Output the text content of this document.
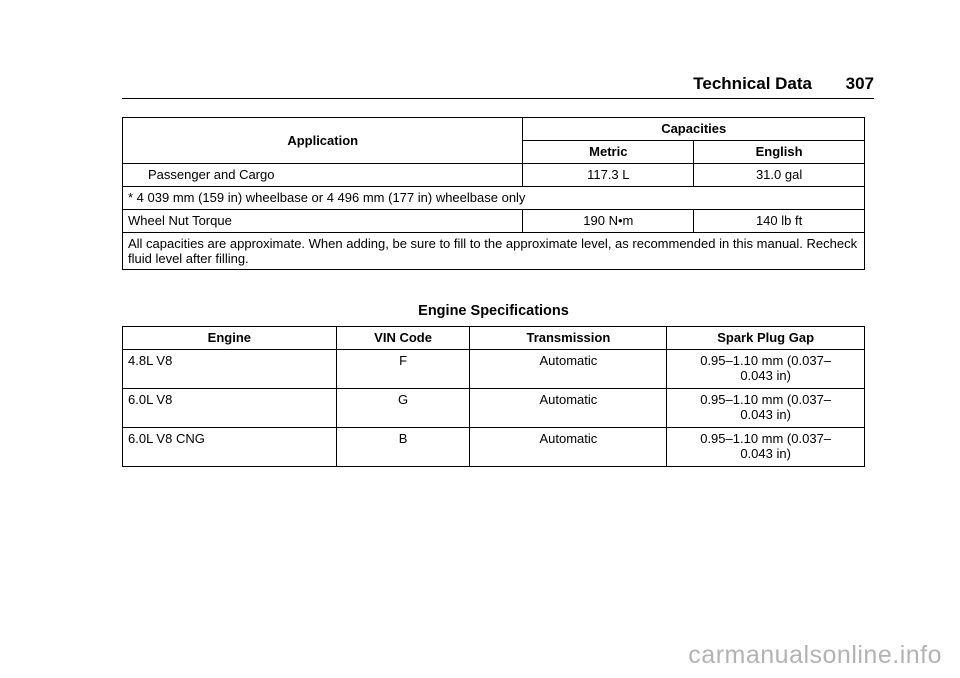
Technical Data 307
Application	Capacities	
	Metric	English
Passenger and Cargo	117.3 L	31.0 gal
* 4 039 mm (159 in) wheelbase or 4 496 mm (177 in) wheelbase only		
Wheel Nut Torque	190 N•m	140 lb ft
All capacities are approximate. When adding, be sure to fill to the approximate level, as recommended in this manual. Recheck fluid level after filling.		
Engine Specifications
Engine	VIN Code	Transmission	Spark Plug Gap
4.8L V8	F	Automatic	0.95–1.10 mm (0.037–
0.043 in)

6.0L V8	G	Automatic	0.95–1.10 mm (0.037–
0.043 in)

6.0L V8 CNG	B	Automatic	0.95–1.10 mm (0.037–
0.043 in)
carmanualsonline.info
